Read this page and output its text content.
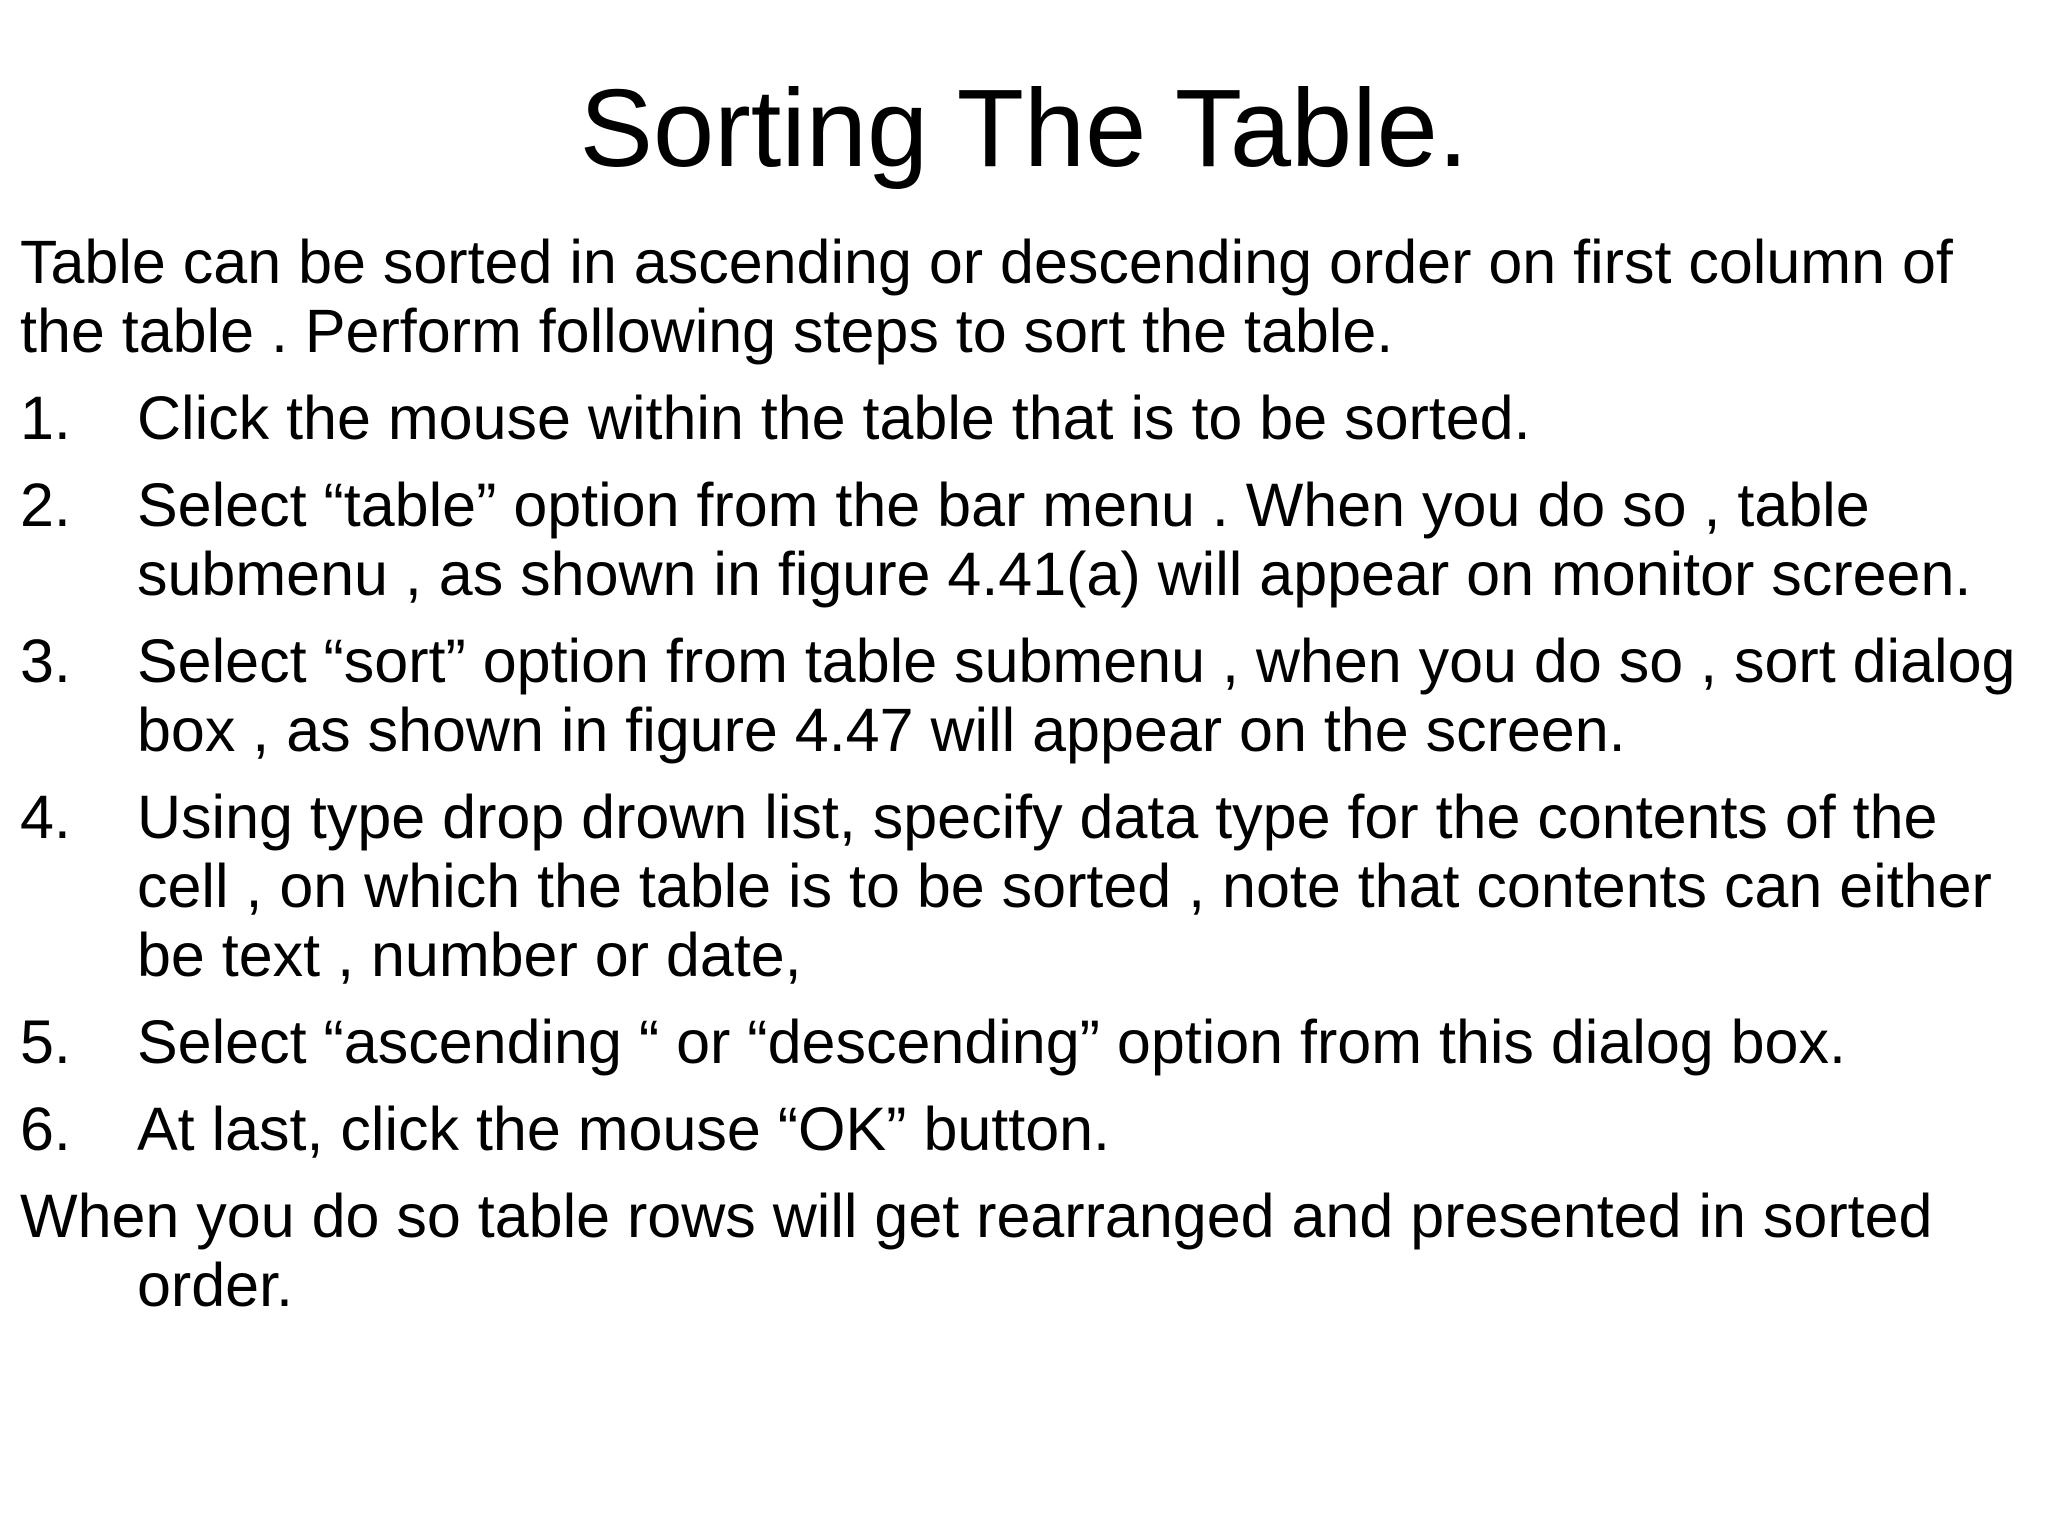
Sorting The Table.

Table can be sorted in ascending or descending order on first column of the table . Perform following steps to sort the table.

1.	Click the mouse within the table that is to be sorted.
2.	Select “table” option from the bar menu . When you do so , table submenu , as shown in figure 4.41(a) will appear on monitor screen.
3.	Select “sort” option from table submenu , when you do so , sort dialog box , as shown in figure 4.47 will appear on the screen.
4.	Using type drop drown list, specify data type for the contents of the cell , on which the table is to be sorted , note that contents can either be text , number or date,
5.	Select “ascending “ or “descending” option from this dialog box.
6.	At last, click the mouse “OK” button.

When you do so table rows will get rearranged and presented in sorted order.
